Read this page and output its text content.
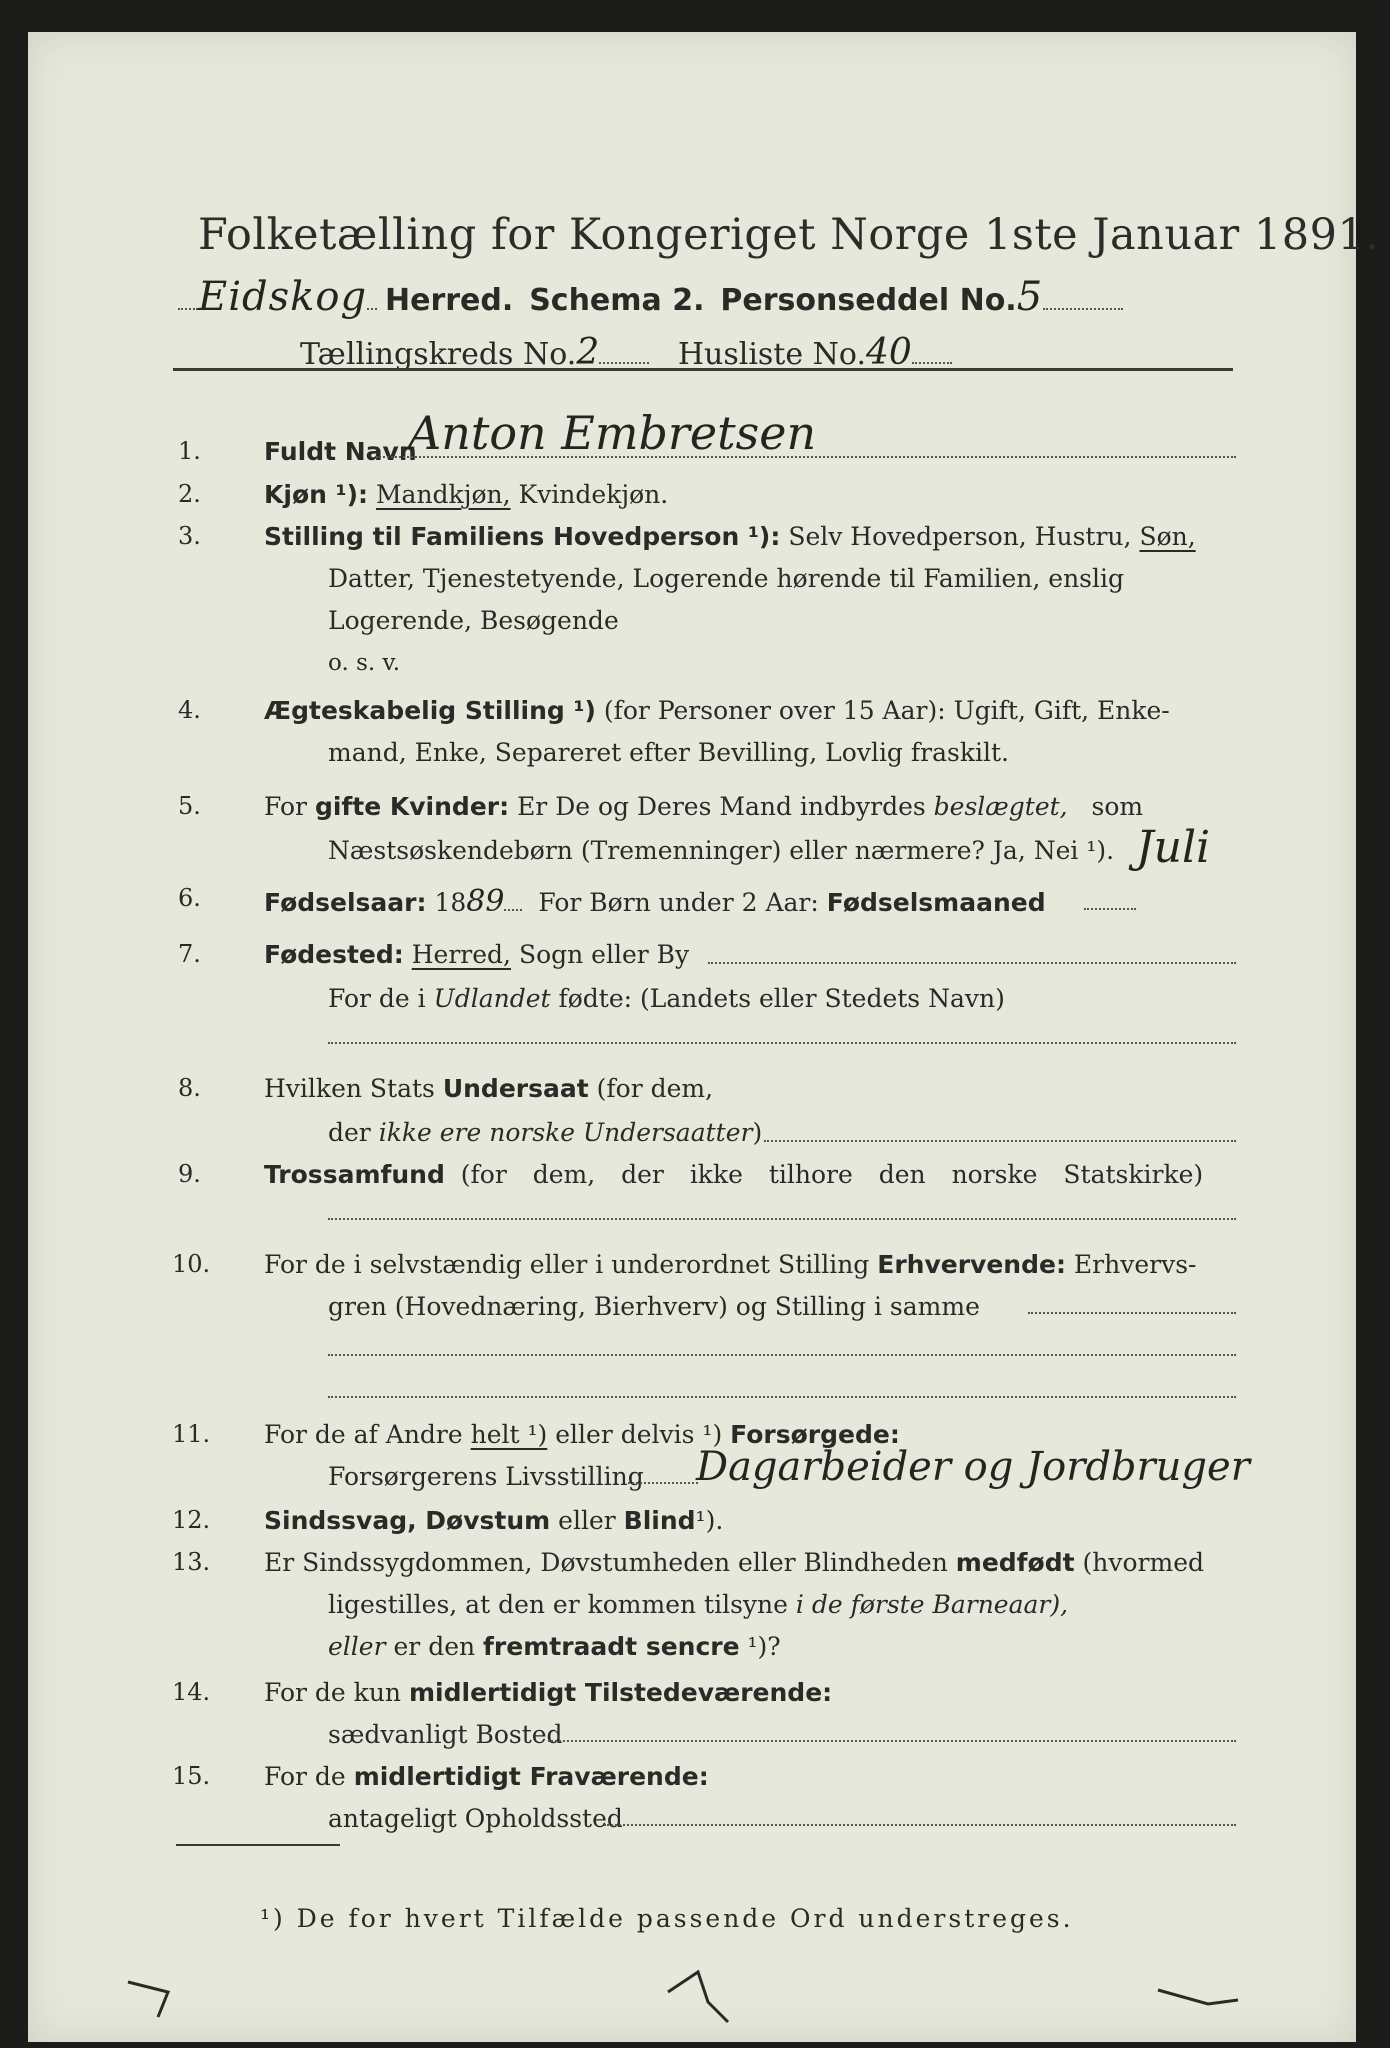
Folketælling for Kongeriget Norge 1ste Januar 1891.
Eidskog Herred. Schema 2. Personseddel No.5
Tællingskreds No.2	Husliste No.40
1.	Fuldt Navn
Anton Embretsen
2.	Kjøn ¹): Mandkjøn, Kvindekjøn.
3.	Stilling til Familiens Hovedperson ¹): Selv Hovedperson, Hustru, Søn,
Datter, Tjenestetyende, Logerende hørende til Familien, enslig
Logerende, Besøgende
o. s. v.
4.	Ægteskabelig Stilling ¹) (for Personer over 15 Aar): Ugift, Gift, Enke-
mand, Enke, Separeret efter Bevilling, Lovlig fraskilt.
5.	For gifte Kvinder: Er De og Deres Mand indbyrdes beslægtet, som
Næstsøskendebørn (Tremenninger) eller nærmere? Ja, Nei ¹). Juli
6.	Fødselsaar: 1889 For Børn under 2 Aar: Fødselsmaaned
7.	Fødested: Herred, Sogn eller By
For de i Udlandet fødte: (Landets eller Stedets Navn)
8.	Hvilken Stats Undersaat (for dem,
der ikke ere norske Undersaatter)
9.	Trossamfund (for dem, der ikke tilhore den norske Statskirke)
10. For de i selvstændig eller i underordnet Stilling Erhvervende: Erhvervs-
gren (Hovednæring, Bierhverv) og Stilling i samme
11. For de af Andre helt ¹) eller delvis ¹) Forsørgede:
Forsørgerens Livsstilling Dagarbeider og Jordbruger
12. Sindssvag, Døvstum eller Blind¹).
13. Er Sindssygdommen, Døvstumheden eller Blindheden medfødt (hvormed
ligestilles, at den er kommen tilsyne i de første Barneaar),
eller er den fremtraadt sencre ¹)?
14. For de kun midlertidigt Tilstedeværende:
sædvanligt Bosted
15. For de midlertidigt Fraværende:
antageligt Opholdssted
¹) De for hvert Tilfælde passende Ord understreges.
